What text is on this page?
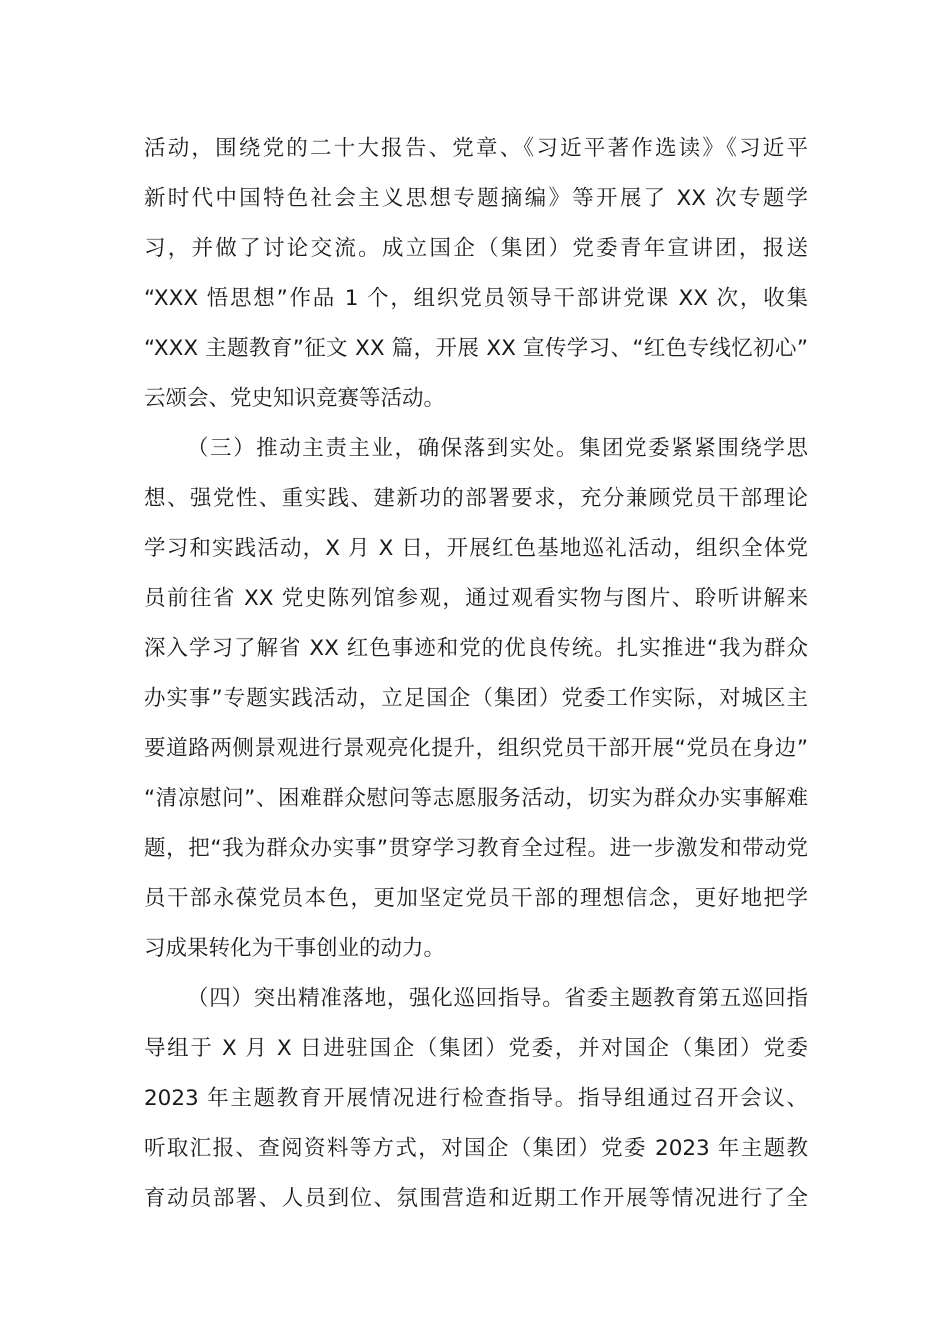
活动，围绕党的二十大报告、党章、《习近平著作选读》《习近平
新时代中国特色社会主义思想专题摘编》等开展了 XX 次专题学
习，并做了讨论交流。成立国企（集团）党委青年宣讲团，报送
“XXX 悟思想”作品 1 个，组织党员领导干部讲党课 XX 次，收集
“XXX 主题教育”征文 XX 篇，开展 XX 宣传学习、“红色专线忆初心”
云颂会、党史知识竞赛等活动。
（三）推动主责主业，确保落到实处。集团党委紧紧围绕学思
想、强党性、重实践、建新功的部署要求，充分兼顾党员干部理论
学习和实践活动，X 月 X 日，开展红色基地巡礼活动，组织全体党
员前往省 XX 党史陈列馆参观，通过观看实物与图片、聆听讲解来
深入学习了解省 XX 红色事迹和党的优良传统。扎实推进“我为群众
办实事”专题实践活动，立足国企（集团）党委工作实际，对城区主
要道路两侧景观进行景观亮化提升，组织党员干部开展“党员在身边”
“清凉慰问”、困难群众慰问等志愿服务活动，切实为群众办实事解难
题，把“我为群众办实事”贯穿学习教育全过程。进一步激发和带动党
员干部永葆党员本色，更加坚定党员干部的理想信念，更好地把学
习成果转化为干事创业的动力。
（四）突出精准落地，强化巡回指导。省委主题教育第五巡回指
导组于 X 月 X 日进驻国企（集团）党委，并对国企（集团）党委
2023 年主题教育开展情况进行检查指导。指导组通过召开会议、
听取汇报、查阅资料等方式，对国企（集团）党委 2023 年主题教
育动员部署、人员到位、氛围营造和近期工作开展等情况进行了全
